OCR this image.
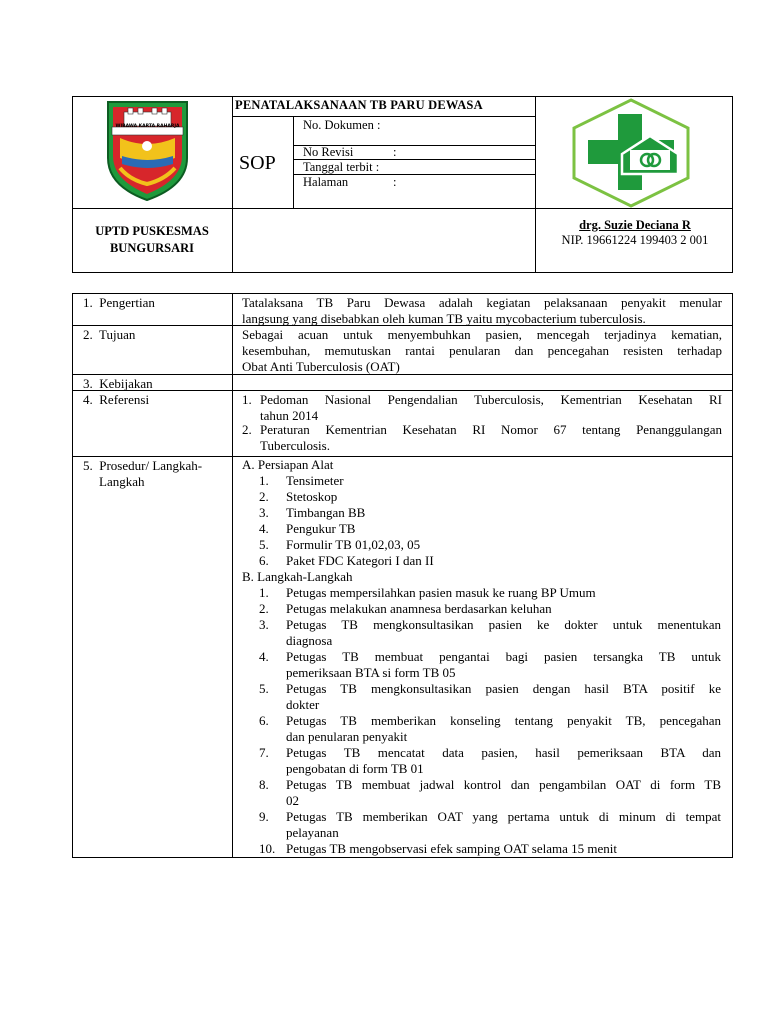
WIBAWA KARTA RAHARJA
PENATALAKSANAAN TB PARU DEWASA
SOP
No. Dokumen :
No Revisi	:
Tanggal terbit :
Halaman	:
UPTD PUSKESMAS
BUNGURSARI
drg. Suzie Deciana R
NIP. 19661224 199403 2 001
1. Pengertian
2. Tujuan
3. Kebijakan
4. Referensi
5. Prosedur/ Langkah-
Langkah
Tatalaksana TB Paru Dewasa adalah kegiatan pelaksanaan penyakit menular
langsung yang disebabkan oleh kuman TB yaitu mycobacterium tuberculosis.
Sebagai acuan untuk menyembuhkan pasien, mencegah terjadinya kematian,
kesembuhan, memutuskan rantai penularan dan pencegahan resisten terhadap
Obat Anti Tuberculosis (OAT)
1. Pedoman Nasional Pengendalian Tuberculosis, Kementrian Kesehatan RI
tahun 2014
2. Peraturan Kementrian Kesehatan RI Nomor 67 tentang Penanggulangan
Tuberculosis.
A. Persiapan Alat
1. Tensimeter
2. Stetoskop
3. Timbangan BB
4. Pengukur TB
5. Formulir TB 01,02,03, 05
6. Paket FDC Kategori I dan II
B. Langkah-Langkah
1. Petugas mempersilahkan pasien masuk ke ruang BP Umum
2. Petugas melakukan anamnesa berdasarkan keluhan
3. Petugas TB mengkonsultasikan pasien ke dokter untuk menentukan
diagnosa
4. Petugas TB membuat pengantai bagi pasien tersangka TB untuk
pemeriksaan BTA si form TB 05
5. Petugas TB mengkonsultasikan pasien dengan hasil BTA positif ke
dokter
6. Petugas TB memberikan konseling tentang penyakit TB, pencegahan
dan penularan penyakit
7. Petugas TB mencatat data pasien, hasil pemeriksaan BTA dan
pengobatan di form TB 01
8. Petugas TB membuat jadwal kontrol dan pengambilan OAT di form TB
02
9. Petugas TB memberikan OAT yang pertama untuk di minum di tempat
pelayanan
10. Petugas TB mengobservasi efek samping OAT selama 15 menit
